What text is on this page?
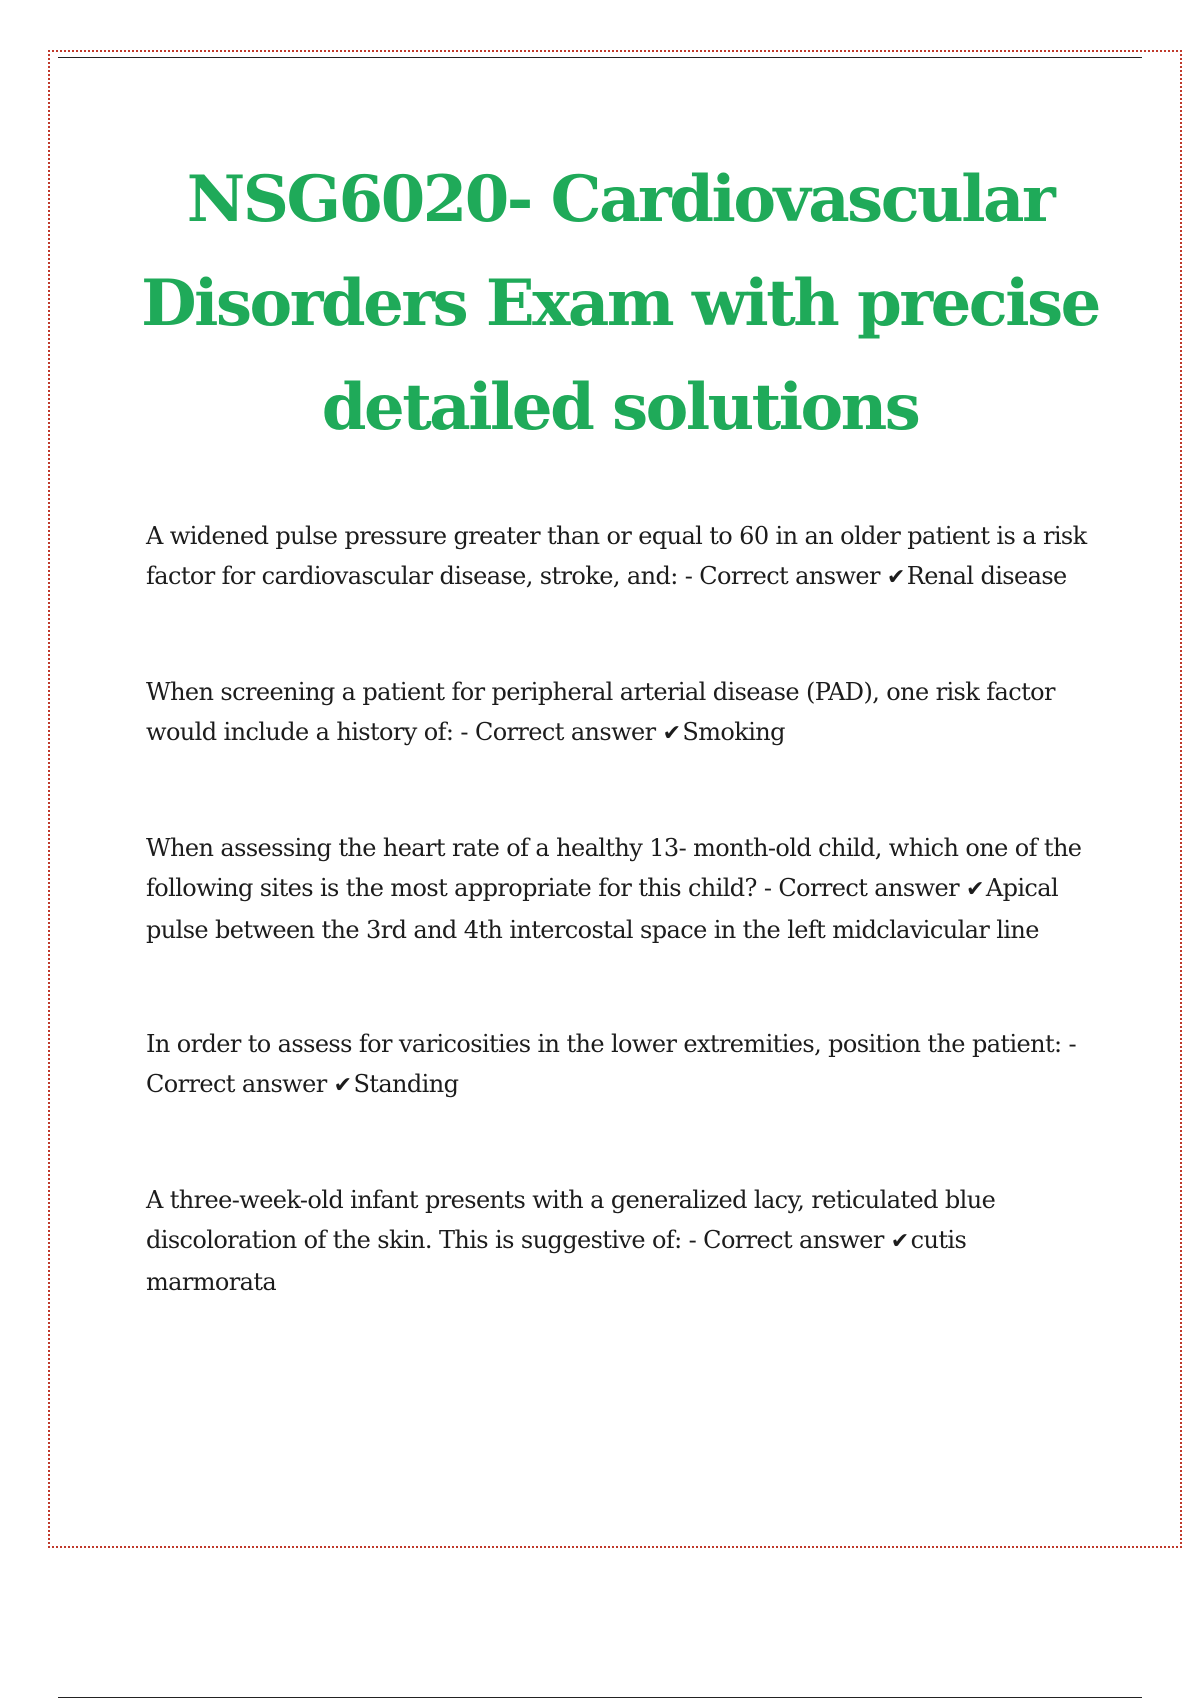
NSG6020- Cardiovascular Disorders Exam with precise detailed solutions

A widened pulse pressure greater than or equal to 60 in an older patient is a risk factor for cardiovascular disease, stroke, and: - Correct answer ✔Renal disease

When screening a patient for peripheral arterial disease (PAD), one risk factor would include a history of: - Correct answer ✔Smoking

When assessing the heart rate of a healthy 13- month-old child, which one of the following sites is the most appropriate for this child? - Correct answer ✔Apical pulse between the 3rd and 4th intercostal space in the left midclavicular line

In order to assess for varicosities in the lower extremities, position the patient: - Correct answer ✔Standing

A three-week-old infant presents with a generalized lacy, reticulated blue discoloration of the skin. This is suggestive of: - Correct answer ✔cutis marmorata
